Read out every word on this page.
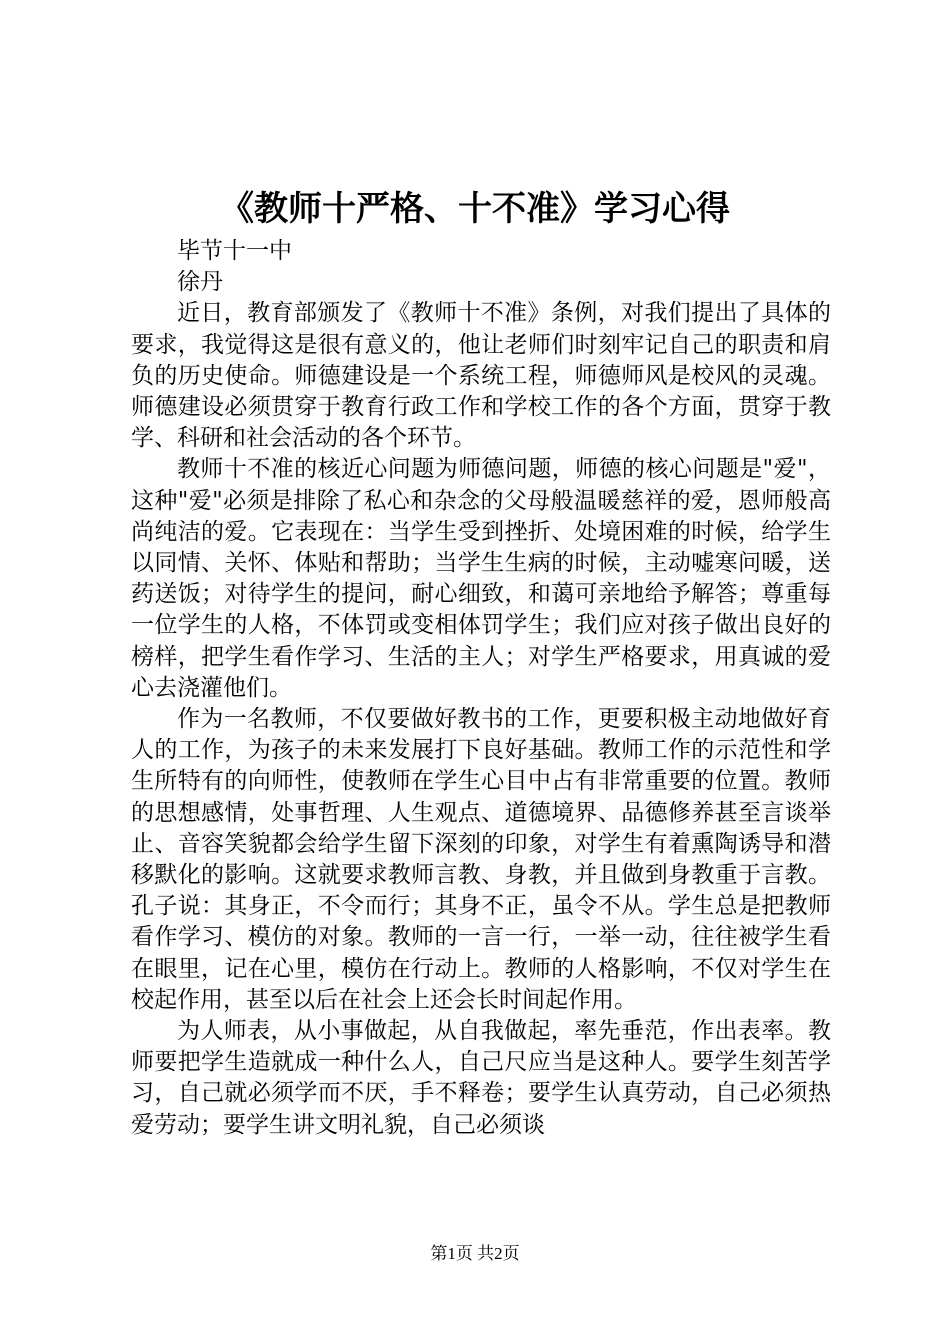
《教师十严格、十不准》学习心得

毕节十一中

徐丹

近日，教育部颁发了《教师十不准》条例，对我们提出了具体的要求，我觉得这是很有意义的，他让老师们时刻牢记自己的职责和肩负的历史使命。师德建设是一个系统工程，师德师风是校风的灵魂。师德建设必须贯穿于教育行政工作和学校工作的各个方面，贯穿于教学、科研和社会活动的各个环节。

教师十不准的核近心问题为师德问题，师德的核心问题是"爱"，这种"爱"必须是排除了私心和杂念的父母般温暖慈祥的爱，恩师般高尚纯洁的爱。它表现在：当学生受到挫折、处境困难的时候，给学生以同情、关怀、体贴和帮助；当学生生病的时候，主动嘘寒问暖，送药送饭；对待学生的提问，耐心细致，和蔼可亲地给予解答；尊重每一位学生的人格，不体罚或变相体罚学生；我们应对孩子做出良好的榜样，把学生看作学习、生活的主人；对学生严格要求，用真诚的爱心去浇灌他们。

作为一名教师，不仅要做好教书的工作，更要积极主动地做好育人的工作，为孩子的未来发展打下良好基础。教师工作的示范性和学生所特有的向师性，使教师在学生心目中占有非常重要的位置。教师的思想感情，处事哲理、人生观点、道德境界、品德修养甚至言谈举止、音容笑貌都会给学生留下深刻的印象，对学生有着熏陶诱导和潜移默化的影响。这就要求教师言教、身教，并且做到身教重于言教。孔子说：其身正，不令而行；其身不正，虽令不从。学生总是把教师看作学习、模仿的对象。教师的一言一行，一举一动，往往被学生看在眼里，记在心里，模仿在行动上。教师的人格影响，不仅对学生在校起作用，甚至以后在社会上还会长时间起作用。

为人师表，从小事做起，从自我做起，率先垂范，作出表率。教师要把学生造就成一种什么人，自己尺应当是这种人。要学生刻苦学习，自己就必须学而不厌，手不释卷；要学生认真劳动，自己必须热爱劳动；要学生讲文明礼貌，自己必须谈

第1页 共2页
